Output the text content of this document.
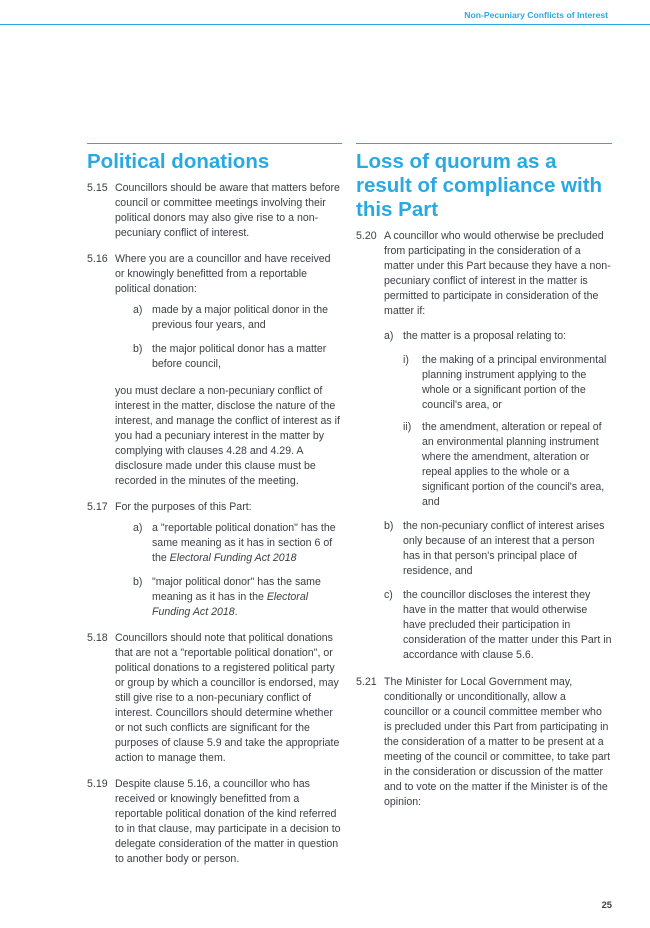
Non-Pecuniary Conflicts of Interest
Political donations
5.15 Councillors should be aware that matters before council or committee meetings involving their political donors may also give rise to a non-pecuniary conflict of interest.
5.16 Where you are a councillor and have received or knowingly benefitted from a reportable political donation:
a) made by a major political donor in the previous four years, and
b) the major political donor has a matter before council,
you must declare a non-pecuniary conflict of interest in the matter, disclose the nature of the interest, and manage the conflict of interest as if you had a pecuniary interest in the matter by complying with clauses 4.28 and 4.29. A disclosure made under this clause must be recorded in the minutes of the meeting.
5.17 For the purposes of this Part:
a) a "reportable political donation" has the same meaning as it has in section 6 of the Electoral Funding Act 2018
b) "major political donor" has the same meaning as it has in the Electoral Funding Act 2018.
5.18 Councillors should note that political donations that are not a "reportable political donation", or political donations to a registered political party or group by which a councillor is endorsed, may still give rise to a non-pecuniary conflict of interest. Councillors should determine whether or not such conflicts are significant for the purposes of clause 5.9 and take the appropriate action to manage them.
5.19 Despite clause 5.16, a councillor who has received or knowingly benefitted from a reportable political donation of the kind referred to in that clause, may participate in a decision to delegate consideration of the matter in question to another body or person.
Loss of quorum as a result of compliance with this Part
5.20 A councillor who would otherwise be precluded from participating in the consideration of a matter under this Part because they have a non-pecuniary conflict of interest in the matter is permitted to participate in consideration of the matter if:
a) the matter is a proposal relating to:
i)	the making of a principal environmental planning instrument applying to the whole or a significant portion of the council's area, or
ii)	the amendment, alteration or repeal of an environmental planning instrument where the amendment, alteration or repeal applies to the whole or a significant portion of the council's area, and
b) the non-pecuniary conflict of interest arises only because of an interest that a person has in that person's principal place of residence, and
c) the councillor discloses the interest they have in the matter that would otherwise have precluded their participation in consideration of the matter under this Part in accordance with clause 5.6.
5.21 The Minister for Local Government may, conditionally or unconditionally, allow a councillor or a council committee member who is precluded under this Part from participating in the consideration of a matter to be present at a meeting of the council or committee, to take part in the consideration or discussion of the matter and to vote on the matter if the Minister is of the opinion:
25
